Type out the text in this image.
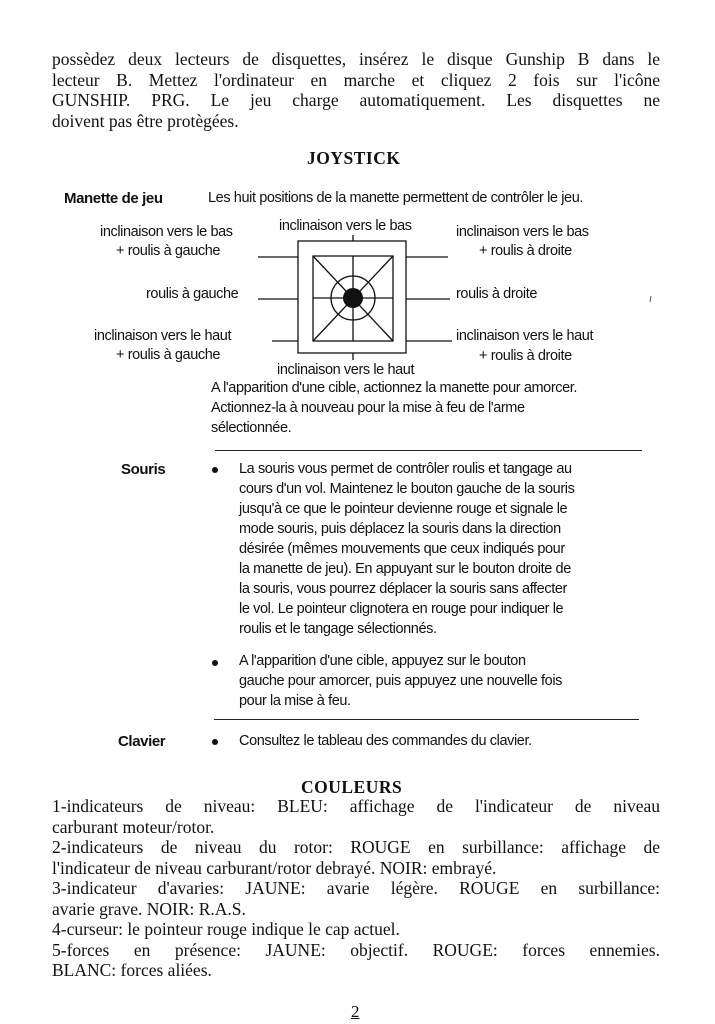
possèdez deux lecteurs de disquettes, insérez le disque Gunship B dans le
lecteur B. Mettez l'ordinateur en marche et cliquez 2 fois sur l'icône
GUNSHIP. PRG. Le jeu charge automatiquement. Les disquettes ne
doivent pas être protègées.
JOYSTICK
Manette de jeu	Les huit positions de la manette permettent de contrôler le jeu.
inclinaison vers le bas
inclinaison vers le bas
+ roulis à gauche
inclinaison vers le bas
+ roulis à droite
roulis à gauche	roulis à droite
inclinaison vers le haut
+ roulis à gauche
inclinaison vers le haut
+ roulis à droite
inclinaison vers le haut
A l'apparition d'une cible, actionnez la manette pour amorcer.
Actionnez-la à nouveau pour la mise à feu de l'arme
sélectionnée.
Souris	La souris vous permet de contrôler roulis et tangage au
cours d'un vol. Maintenez le bouton gauche de la souris
jusqu'à ce que le pointeur devienne rouge et signale le
mode souris, puis déplacez la souris dans la direction
désirée (mêmes mouvements que ceux indiqués pour
la manette de jeu). En appuyant sur le bouton droite de
la souris, vous pourrez déplacer la souris sans affecter
le vol. Le pointeur clignotera en rouge pour indiquer le
roulis et le tangage sélectionnés.
A l'apparition d'une cible, appuyez sur le bouton
gauche pour amorcer, puis appuyez une nouvelle fois
pour la mise à feu.
Clavier	Consultez le tableau des commandes du clavier.
COULEURS
1-indicateurs de niveau: BLEU: affichage de l'indicateur de niveau
carburant moteur/rotor.
2-indicateurs de niveau du rotor: ROUGE en surbillance: affichage de
l'indicateur de niveau carburant/rotor debrayé. NOIR: embrayé.
3-indicateur d'avaries: JAUNE: avarie légère. ROUGE en surbillance:
avarie grave. NOIR: R.A.S.
4-curseur: le pointeur rouge indique le cap actuel.
5-forces en présence: JAUNE: objectif. ROUGE: forces ennemies.
BLANC: forces aliées.
2
